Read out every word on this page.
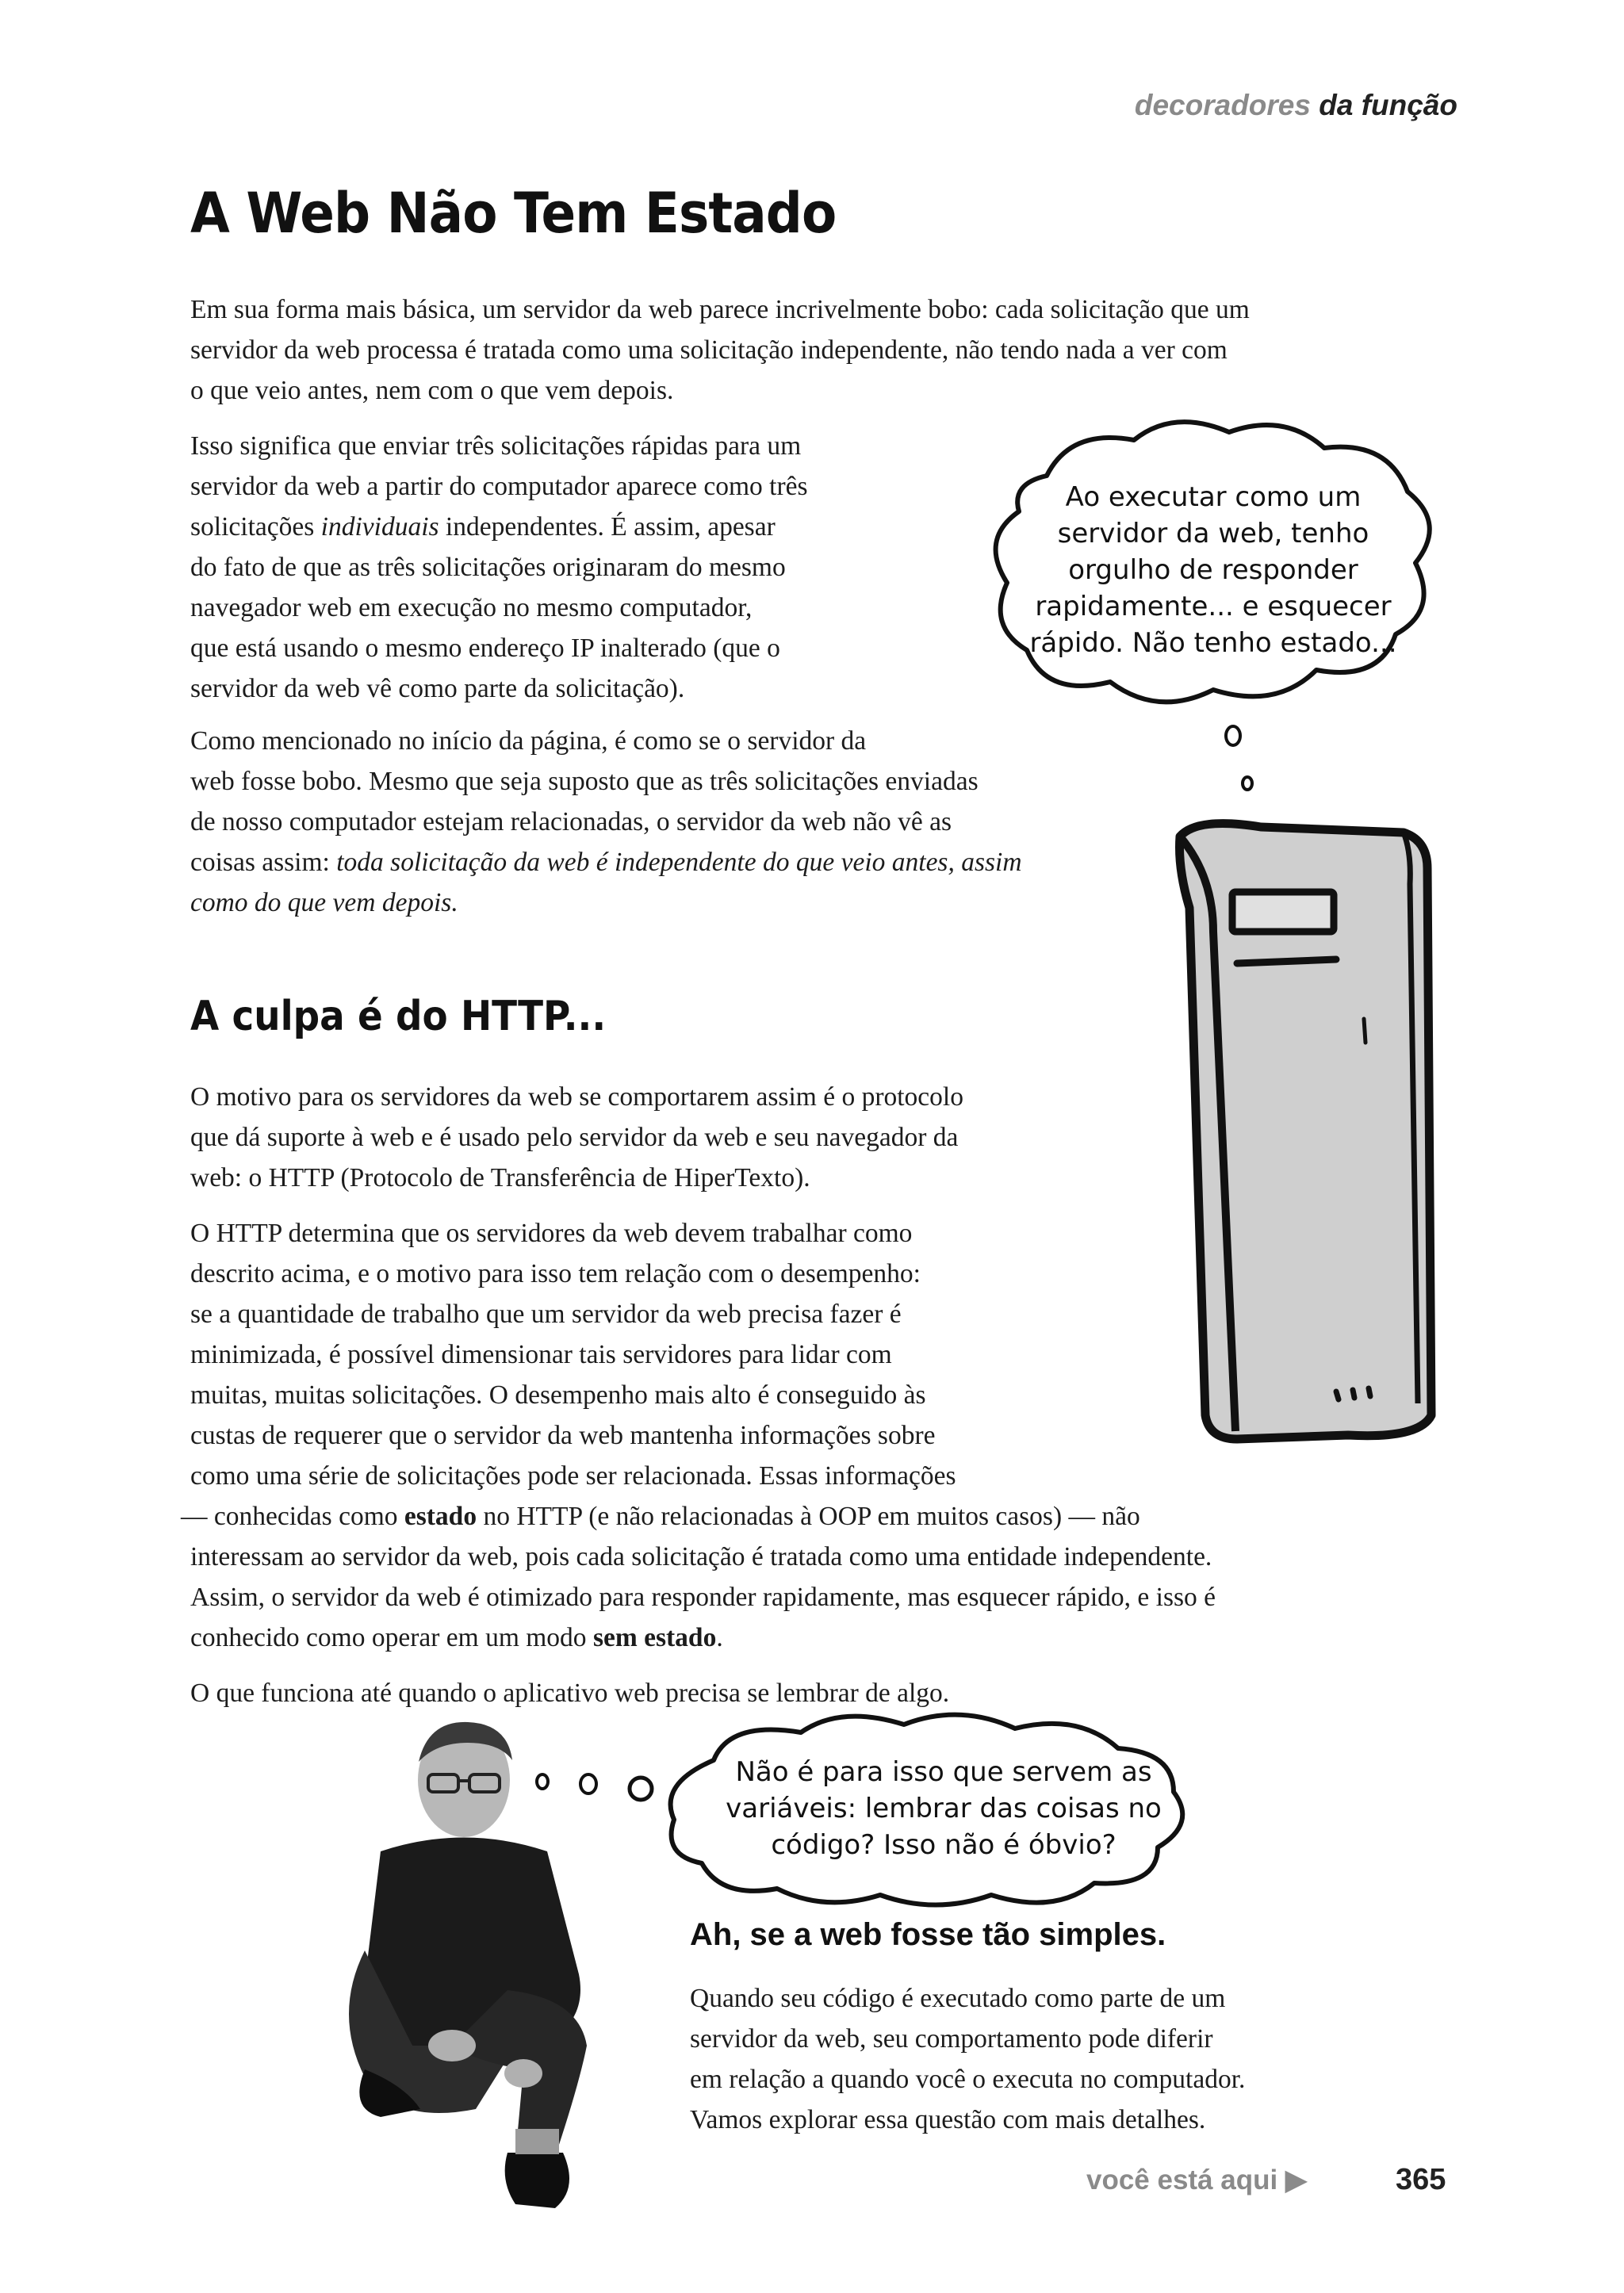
decoradores da função
A Web Não Tem Estado

Em sua forma mais básica, um servidor da web parece incrivelmente bobo: cada solicitação que um

servidor da web processa é tratada como uma solicitação independente, não tendo nada a ver com

o que veio antes, nem com o que vem depois.

Isso significa que enviar três solicitações rápidas para um

servidor da web a partir do computador aparece como três

solicitações individuais independentes. É assim, apesar

do fato de que as três solicitações originaram do mesmo

navegador web em execução no mesmo computador,

que está usando o mesmo endereço IP inalterado (que o

servidor da web vê como parte da solicitação).

Como mencionado no início da página, é como se o servidor da

web fosse bobo. Mesmo que seja suposto que as três solicitações enviadas

de nosso computador estejam relacionadas, o servidor da web não vê as

coisas assim: toda solicitação da web é independente do que veio antes, assim

como do que vem depois.

Ao executar como um
servidor da web, tenho
orgulho de responder
rapidamente... e esquecer
rápido. Não tenho estado...
A culpa é do HTTP...

O motivo para os servidores da web se comportarem assim é o protocolo

que dá suporte à web e é usado pelo servidor da web e seu navegador da

web: o HTTP (Protocolo de Transferência de HiperTexto).

O HTTP determina que os servidores da web devem trabalhar como

descrito acima, e o motivo para isso tem relação com o desempenho:

se a quantidade de trabalho que um servidor da web precisa fazer é

minimizada, é possível dimensionar tais servidores para lidar com

muitas, muitas solicitações. O desempenho mais alto é conseguido às

custas de requerer que o servidor da web mantenha informações sobre

como uma série de solicitações pode ser relacionada. Essas informações

— conhecidas como estado no HTTP (e não relacionadas à OOP em muitos casos) — não

interessam ao servidor da web, pois cada solicitação é tratada como uma entidade independente.

Assim, o servidor da web é otimizado para responder rapidamente, mas esquecer rápido, e isso é

conhecido como operar em um modo sem estado.

O que funciona até quando o aplicativo web precisa se lembrar de algo.

Não é para isso que servem as
variáveis: lembrar das coisas no
código? Isso não é óbvio?
Ah, se a web fosse tão simples.

Quando seu código é executado como parte de um

servidor da web, seu comportamento pode diferir

em relação a quando você o executa no computador.

Vamos explorar essa questão com mais detalhes.

você está aqui ▶	365
